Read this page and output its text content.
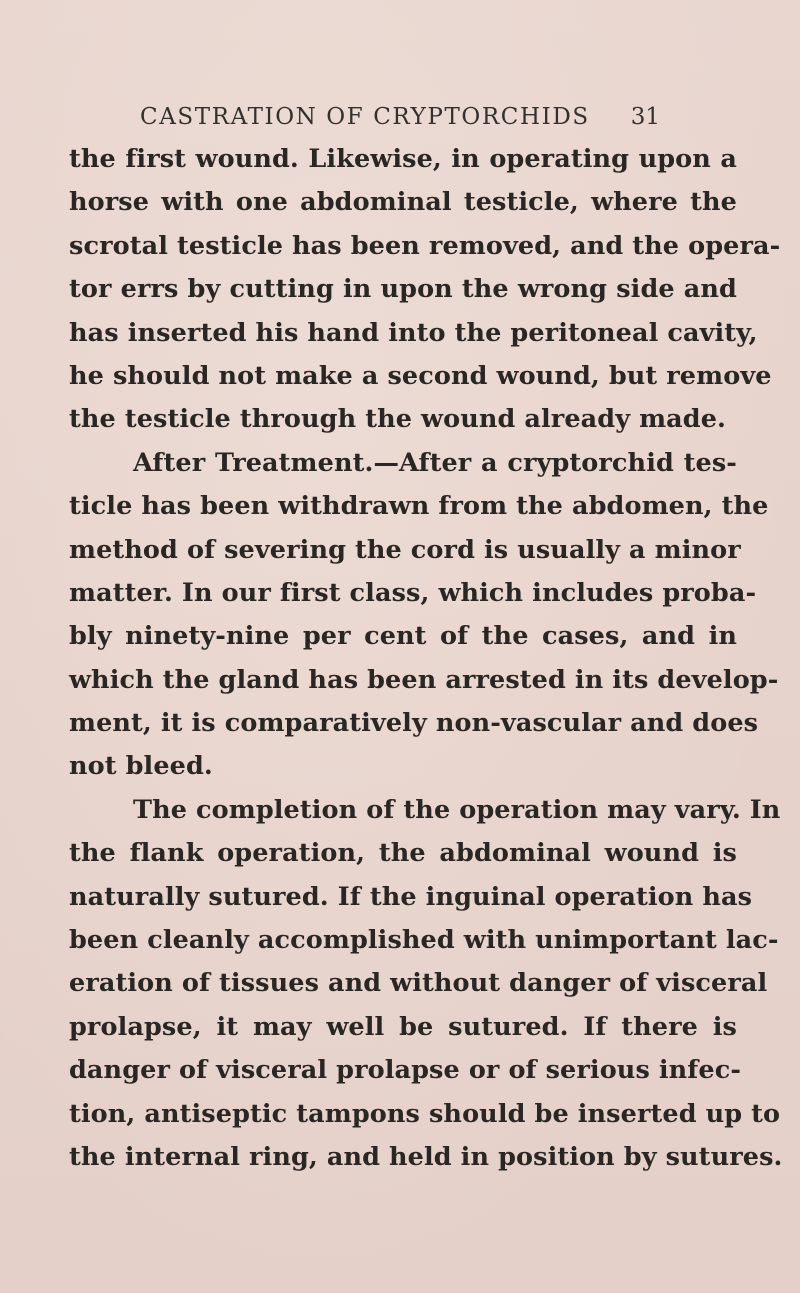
CASTRATION OF CRYPTORCHIDS 31
the first wound. Likewise, in operating upon a
horse with one abdominal testicle, where the
scrotal testicle has been removed, and the opera-
tor errs by cutting in upon the wrong side and
has inserted his hand into the peritoneal cavity,
he should not make a second wound, but remove
the testicle through the wound already made.
After Treatment.—After a cryptorchid tes-
ticle has been withdrawn from the abdomen, the
method of severing the cord is usually a minor
matter. In our first class, which includes proba-
bly ninety-nine per cent of the cases, and in
which the gland has been arrested in its develop-
ment, it is comparatively non-vascular and does
not bleed.
The completion of the operation may vary. In
the flank operation, the abdominal wound is
naturally sutured. If the inguinal operation has
been cleanly accomplished with unimportant lac-
eration of tissues and without danger of visceral
prolapse, it may well be sutured. If there is
danger of visceral prolapse or of serious infec-
tion, antiseptic tampons should be inserted up to
the internal ring, and held in position by sutures.
